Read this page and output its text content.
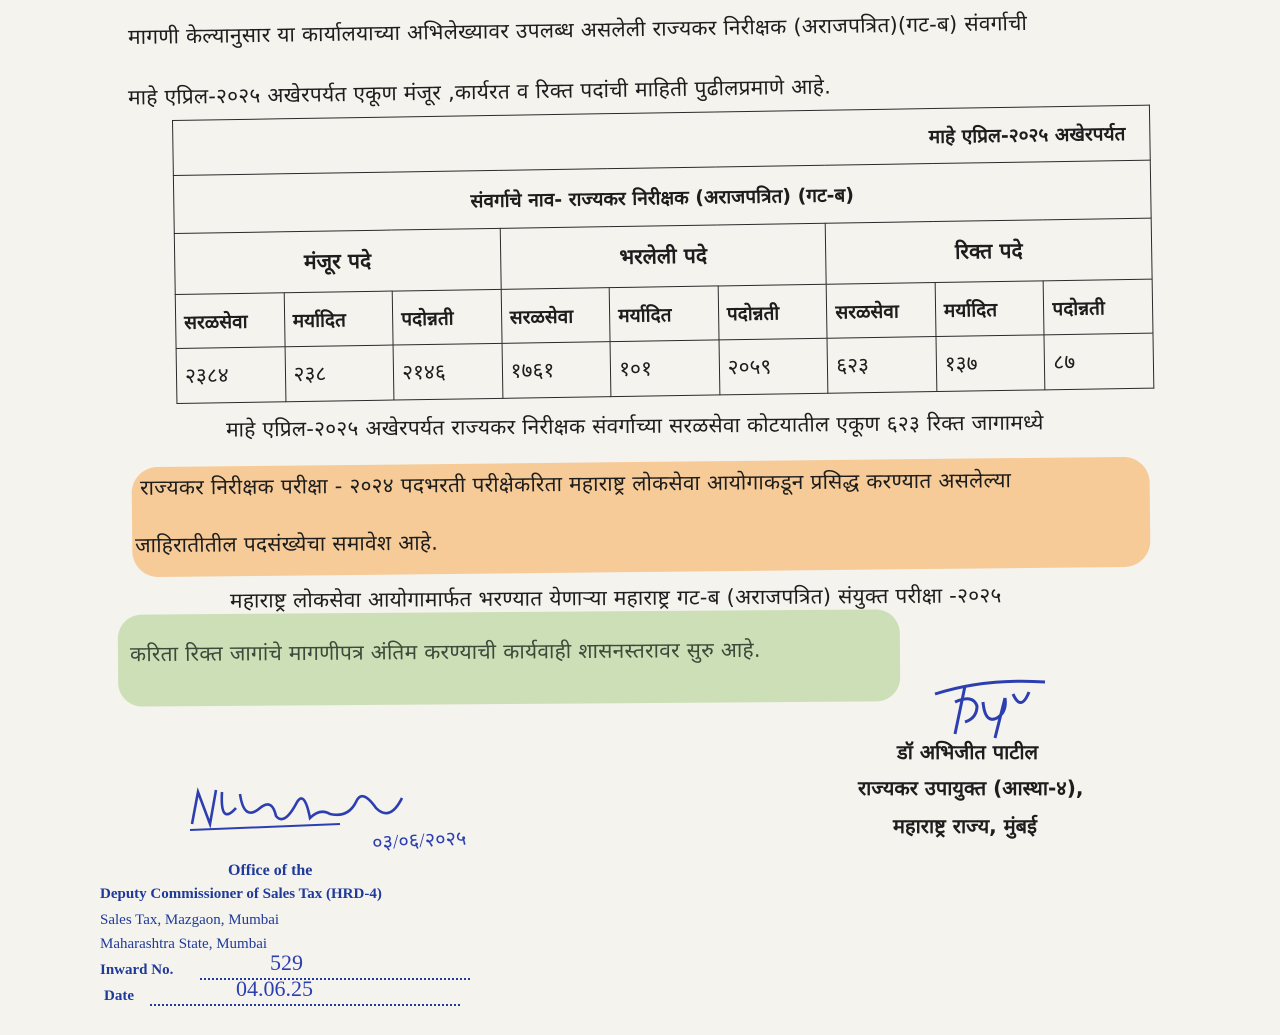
मागणी केल्यानुसार या कार्यालयाच्या अभिलेख्यावर उपलब्ध असलेली राज्यकर निरीक्षक (अराजपत्रित)(गट-ब) संवर्गाची
माहे एप्रिल-२०२५ अखेरपर्यत एकूण मंजूर ,कार्यरत व रिक्त पदांची माहिती पुढीलप्रमाणे आहे.
माहे एप्रिल-२०२५ अखेरपर्यत								
संवर्गाचे नाव- राज्यकर निरीक्षक (अराजपत्रित) (गट-ब)								
मंजूर पदे			भरलेली पदे			रिक्त पदे		
सरळसेवा	मर्यादित	पदोन्नती	सरळसेवा	मर्यादित	पदोन्नती	सरळसेवा	मर्यादित	पदोन्नती
२३८४	२३८	२१४६	१७६१	१०१	२०५९	६२३	१३७	८७
माहे एप्रिल-२०२५ अखेरपर्यत राज्यकर निरीक्षक संवर्गाच्या सरळसेवा कोटयातील एकूण ६२३ रिक्त जागामध्ये
राज्यकर निरीक्षक परीक्षा - २०२४ पदभरती परीक्षेकरिता महाराष्ट्र लोकसेवा आयोगाकडून प्रसिद्ध करण्यात असलेल्या
जाहिरातीतील पदसंख्येचा समावेश आहे.
महाराष्ट्र लोकसेवा आयोगामार्फत भरण्यात येणाऱ्या महाराष्ट्र गट-ब (अराजपत्रित) संयुक्त परीक्षा -२०२५
करिता रिक्त जागांचे मागणीपत्र अंतिम करण्याची कार्यवाही शासनस्तरावर सुरु आहे.
डॉ अभिजीत पाटील
राज्यकर उपायुक्त (आस्था-४),
महाराष्ट्र राज्य, मुंबई
०३/०६/२०२५
Office of the
Deputy Commissioner of Sales Tax (HRD-4)
Sales Tax, Mazgaon, Mumbai
Maharashtra State, Mumbai
Inward No.	529
Date	04.06.25
